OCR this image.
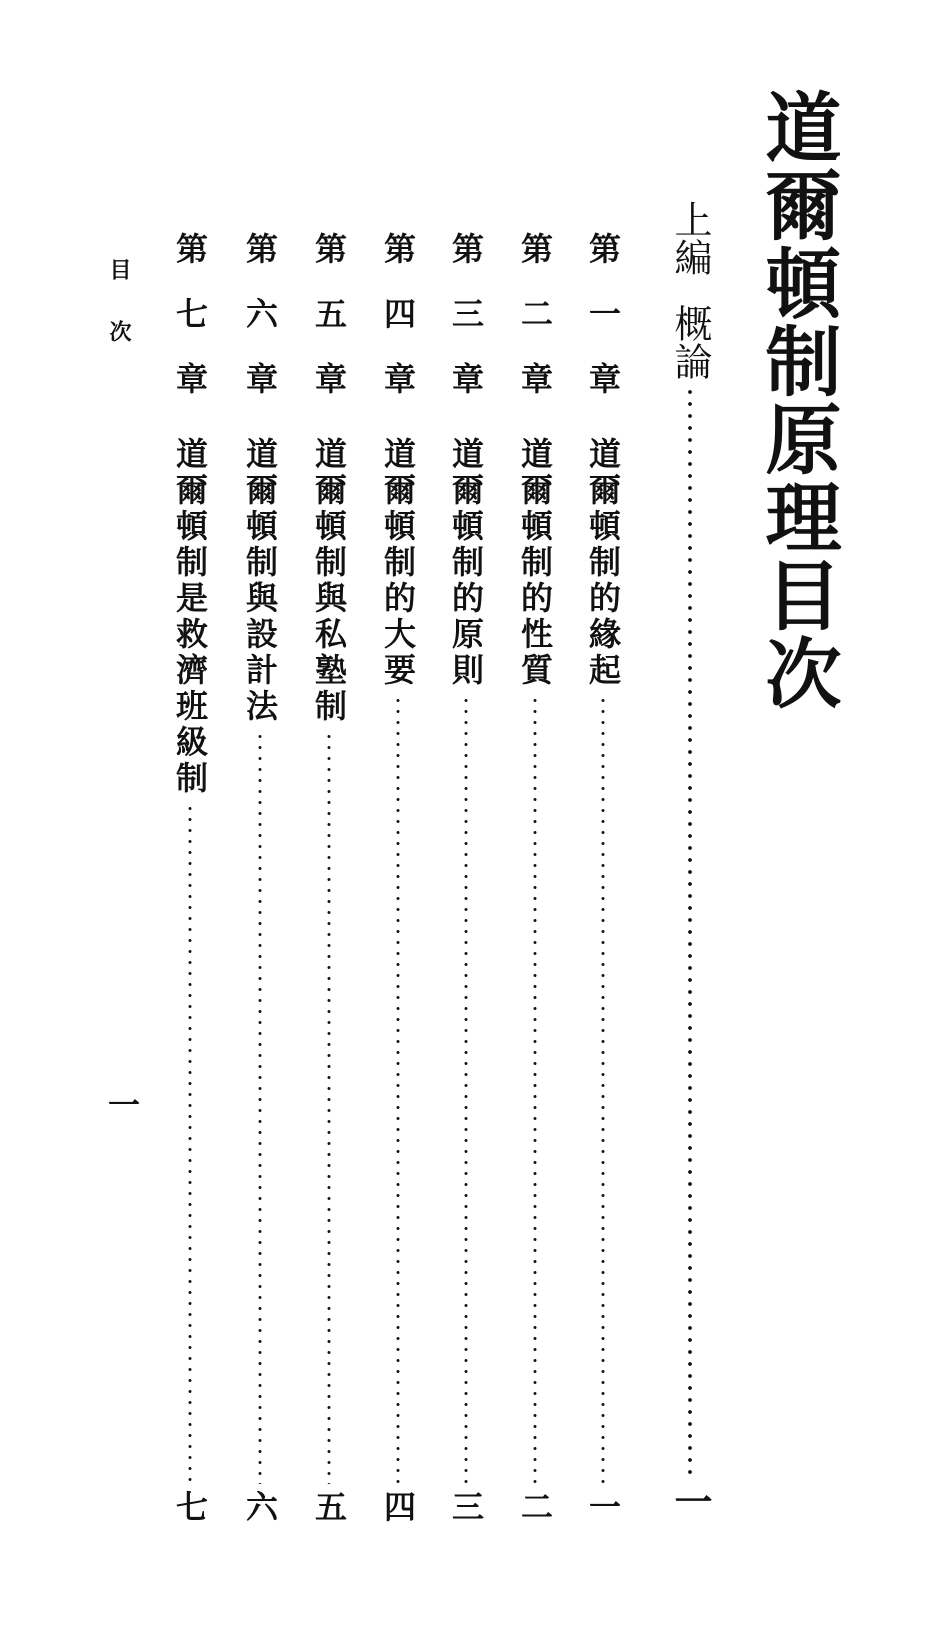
道爾頓制原理目次
上編
概論
一
第一章
道爾頓制的緣起
一
第二章
道爾頓制的性質
二
第三章
道爾頓制的原則
三
第四章
道爾頓制的大要
四
第五章
道爾頓制與私塾制
五
第六章
道爾頓制與設計法
六
第七章
道爾頓制是救濟班級制
七
目次
一
